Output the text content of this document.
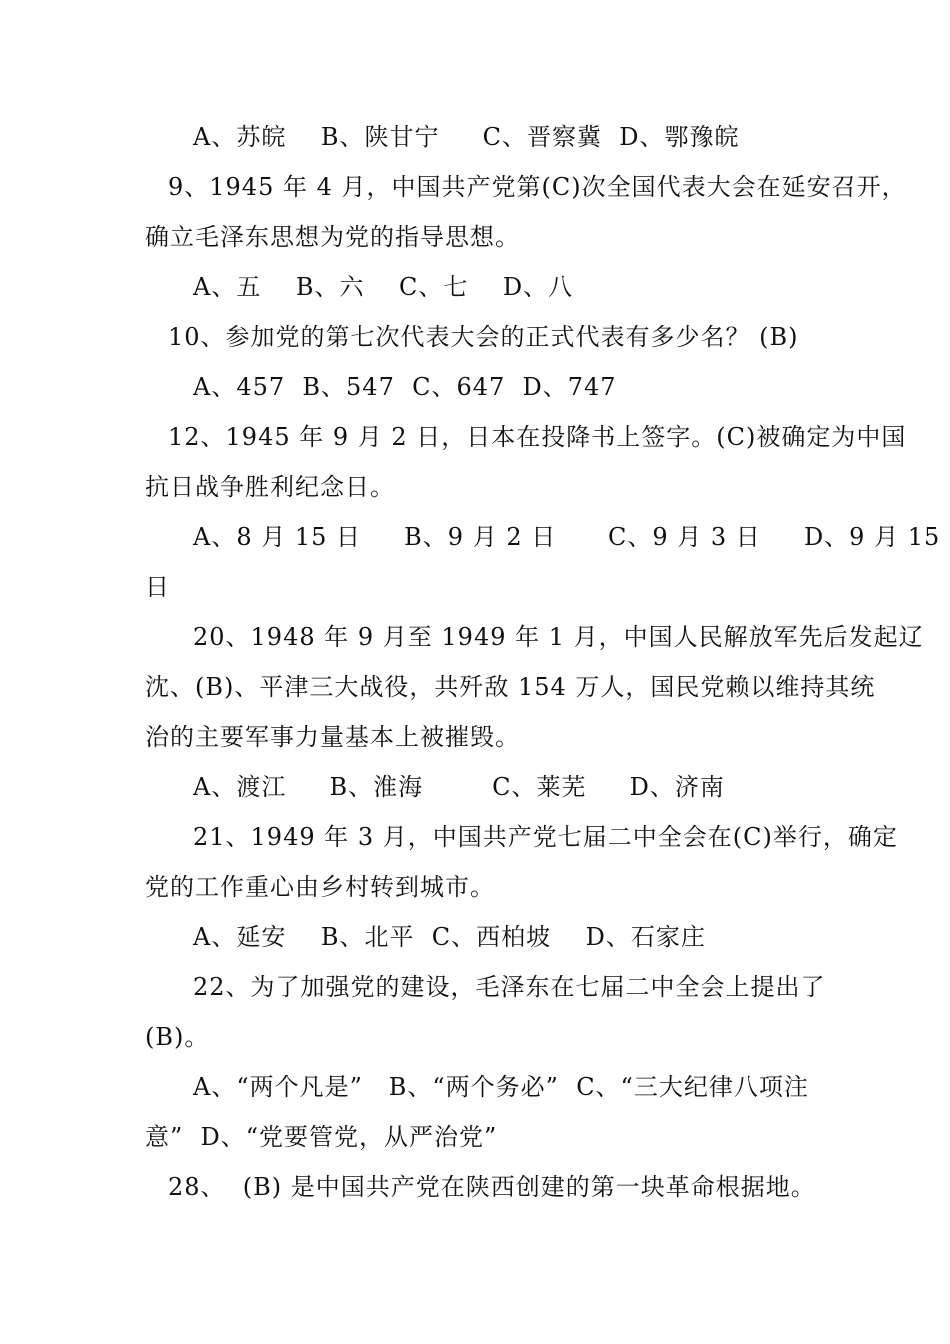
A、苏皖    B、陕甘宁     C、晋察冀  D、鄂豫皖
9、1945 年 4 月，中国共产党第(C)次全国代表大会在延安召开，
确立毛泽东思想为党的指导思想。
A、五    B、六    C、七    D、八
10、参加党的第七次代表大会的正式代表有多少名？ (B)
A、457  B、547  C、647  D、747
12、1945 年 9 月 2 日，日本在投降书上签字。(C)被确定为中国
抗日战争胜利纪念日。
A、8 月 15 日     B、9 月 2 日      C、9 月 3 日     D、9 月 15
日
20、1948 年 9 月至 1949 年 1 月，中国人民解放军先后发起辽
沈、(B)、平津三大战役，共歼敌 154 万人，国民党赖以维持其统
治的主要军事力量基本上被摧毁。
A、渡江     B、淮海        C、莱芜     D、济南
21、1949 年 3 月，中国共产党七届二中全会在(C)举行，确定
党的工作重心由乡村转到城市。
A、延安    B、北平  C、西柏坡    D、石家庄
22、为了加强党的建设，毛泽东在七届二中全会上提出了
(B)。
A、“两个凡是”   B、“两个务必”  C、“三大纪律八项注
意”  D、“党要管党，从严治党”
28、  (B) 是中国共产党在陕西创建的第一块革命根据地。
